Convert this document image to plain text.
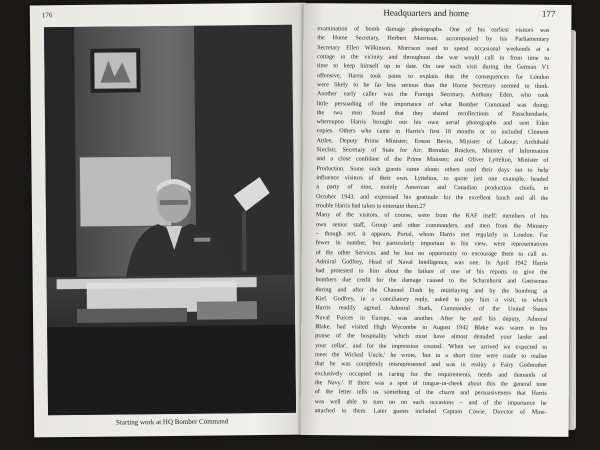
176
Starting work at HQ Bomber Command
Headquarters and home	177
examination of bomb damage photographs. One of his earliest visitors was
the Home Secretary, Herbert Morrison, accompanied by his Parliamentary
Secretary Ellen Wilkinson. Morrison used to spend occasional weekends at a
cottage in the vicinity and throughout the war would call in from time to
time to keep himself up to date. On one such visit during the German V1
offensive, Harris took pains to explain that the consequences for London
were likely to be far less serious than the Home Secretary seemed to think.
Another early caller was the Foreign Secretary, Anthony Eden, who took
little persuading of the importance of what Bomber Command was doing;
the two men found that they shared recollections of Passchendaele,
whereupon Harris brought out his own aerial photographs and sent Eden
copies. Others who came in Harris's first 18 months or so included Clement
Attlee, Deputy Prime Minister; Ernest Bevin, Minister of Labour; Archibald
Sinclair, Secretary of State for Air; Brendan Bracken, Minister of Information
and a close confidant of the Prime Minister; and Oliver Lyttelton, Minister of
Production. Some such guests came alone; others used their days out to help
influence visitors of their own. Lyttelton, to quote just one example, headed
a party of nine, mainly American and Canadian production chiefs, in
October 1943, and expressed his gratitude for the excellent lunch and all the
trouble Harris had taken to entertain them.27
Many of the visitors, of course, were from the RAF itself: members of his
own senior staff, Group and other commanders, and men from the Ministry
– though not, it appears, Portal, whom Harris met regularly in London. Far
fewer in number, but particularly important in his view, were representatives
of the other Services and he lost no opportunity to encourage them to call in.
Admiral Godfrey, Head of Naval Intelligence, was one. In April 1942 Harris
had protested to him about the failure of one of his reports to give the
bombers due credit for the damage caused to the Scharnhorst and Gneisenau
during and after the Channel Dash by minelaying and by the bombing at
Kiel. Godfrey, in a conciliatory reply, asked to pay him a visit, to which
Harris readily agreed. Admiral Stark, Commander of the United States
Naval Forces in Europe, was another. After he and his deputy, Admiral
Blake, had visited High Wycombe in August 1942 Blake was warm in his
praise of the hospitality 'which must have almost denuded your larder and
your cellar', and for the impression created. 'When we arrived we expected to
meet the Wicked Uncle,' he wrote, 'but in a short time were made to realise
that he was completely misrepresented and was in reality a Fairy Godmother
exclusively occupied in caring for the requirements, needs and demands of
the Navy.' If there was a spot of tongue-in-cheek about this the general tone
of the letter tells us something of the charm and persuasiveness that Harris
was well able to turn on on such occasions – and of the importance he
attached to them. Later guests included Captain Cowie, Director of Mine-
